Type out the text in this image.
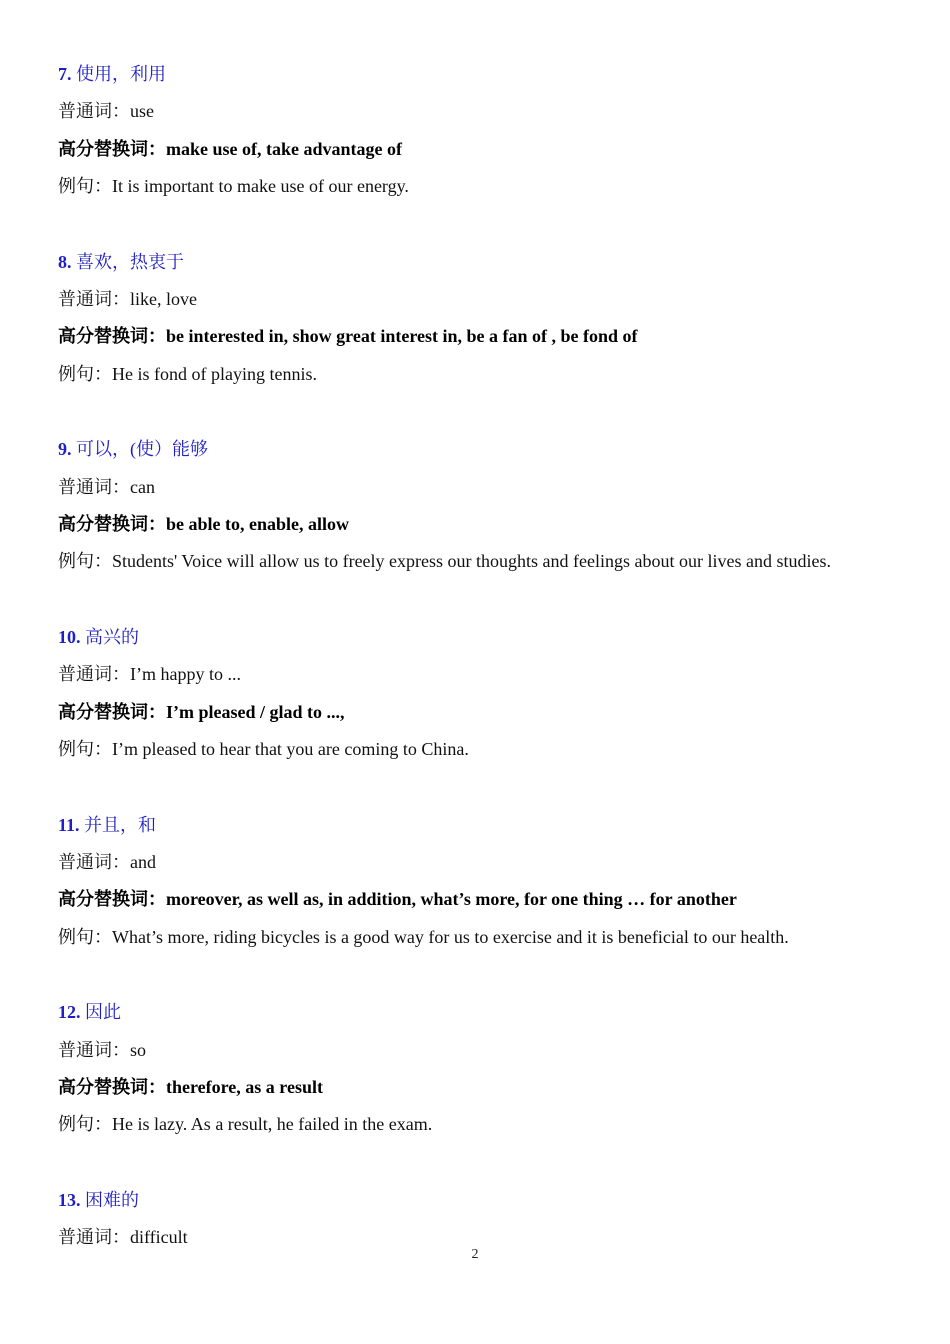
7. 使用，利用
普通词：use
高分替换词：make use of, take advantage of
例句：It is important to make use of our energy.
8. 喜欢，热衷于
普通词：like, love
高分替换词：be interested in, show great interest in, be a fan of , be fond of
例句：He is fond of playing tennis.
9. 可以，(使）能够
普通词：can
高分替换词：be able to, enable, allow
例句：Students' Voice will allow us to freely express our thoughts and feelings about our lives and studies.
10. 高兴的
普通词：I’m happy to ...
高分替换词：I’m pleased / glad to ...,
例句：I’m pleased to hear that you are coming to China.
11. 并且，和
普通词：and
高分替换词：moreover, as well as, in addition, what’s more, for one thing … for another
例句：What’s more, riding bicycles is a good way for us to exercise and it is beneficial to our health.
12. 因此
普通词：so
高分替换词：therefore, as a result
例句：He is lazy. As a result, he failed in the exam.
13. 困难的
普通词：difficult
2
